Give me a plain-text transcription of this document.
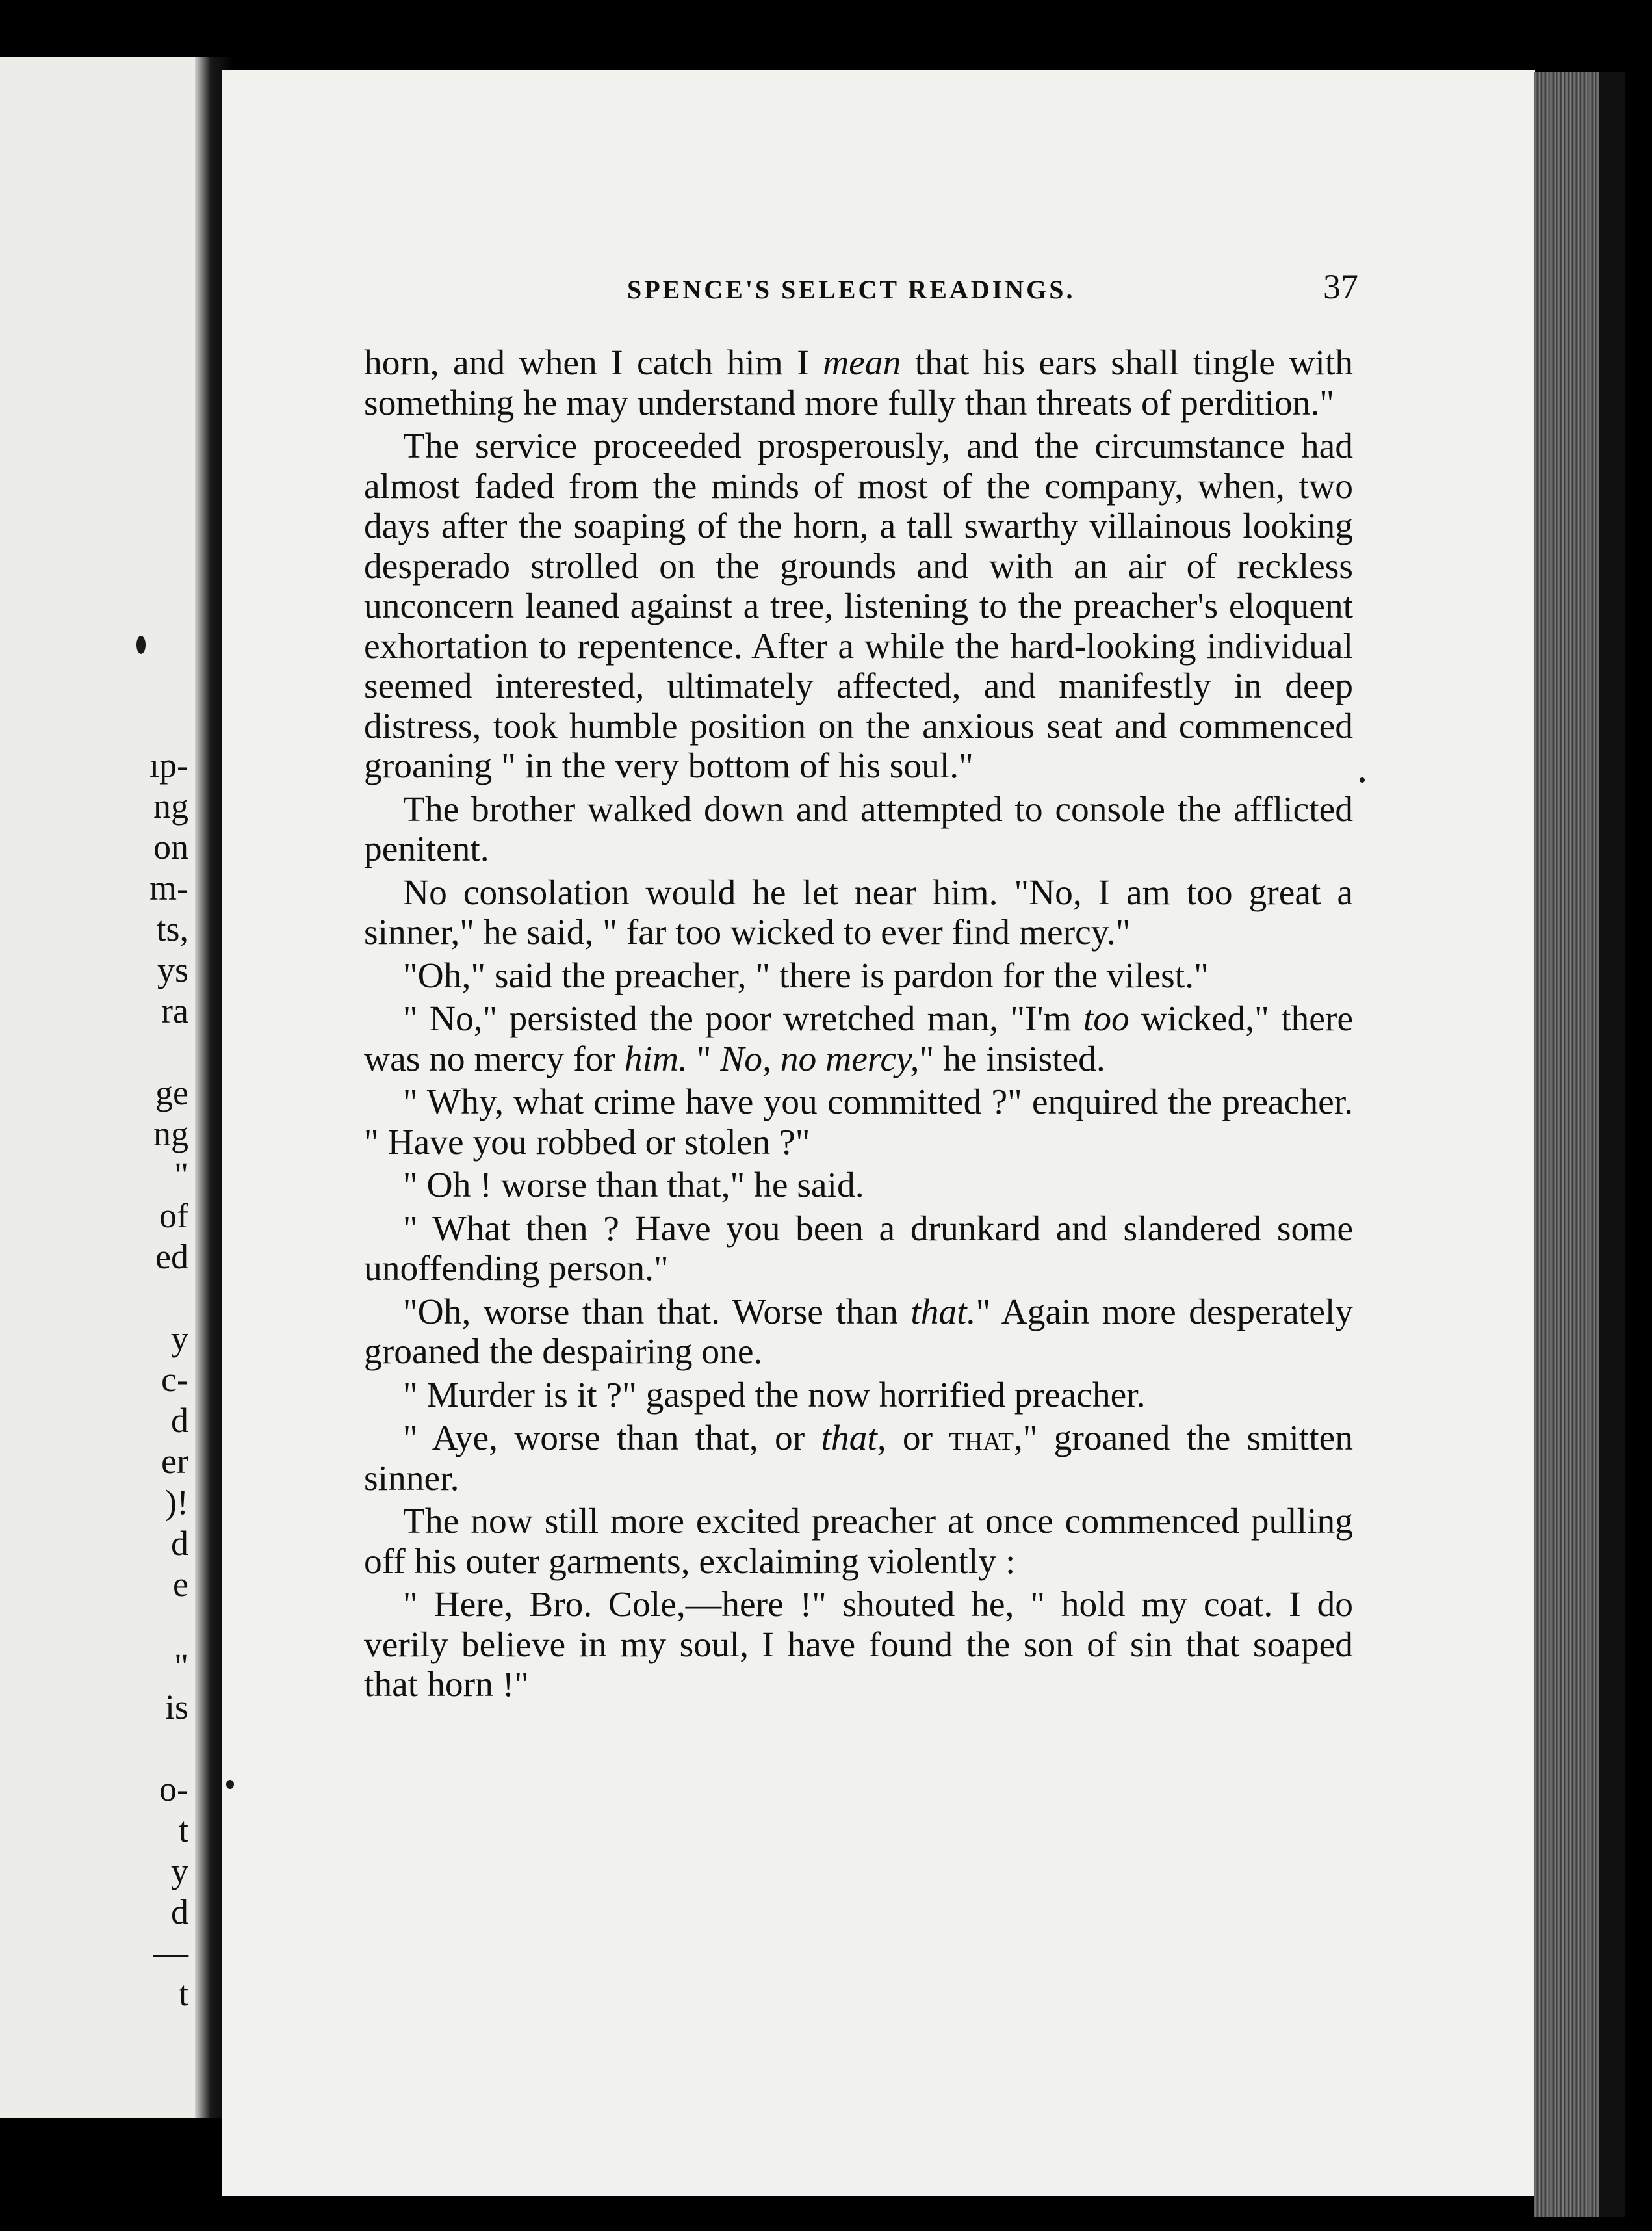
ıp-
ng
on
m-
ts,
ys
ra
ge
ng
"
of
ed
y
c-
d
er
)!
d
e
"
is
o-
t
y
d
—
t
SPENCE'S SELECT READINGS.	37

horn, and when I catch him I mean that his ears shall tingle with something he may understand more fully than threats of perdition."

The service proceeded prosperously, and the circumstance had almost faded from the minds of most of the company, when, two days after the soaping of the horn, a tall swarthy villainous looking desperado strolled on the grounds and with an air of reckless unconcern leaned against a tree, listening to the preacher's eloquent exhortation to repentence. After a while the hard-looking individual seemed interested, ultimately affected, and manifestly in deep distress, took humble position on the anxious seat and commenced groaning " in the very bottom of his soul."

The brother walked down and attempted to console the afflicted penitent.

No consolation would he let near him. "No, I am too great a sinner," he said, " far too wicked to ever find mercy."

"Oh," said the preacher, " there is pardon for the vilest."

" No," persisted the poor wretched man, "I'm too wicked," there was no mercy for him. " No, no mercy," he insisted.

" Why, what crime have you committed ?" enquired the preacher. " Have you robbed or stolen ?"

" Oh ! worse than that," he said.

" What then ? Have you been a drunkard and slandered some unoffending person."

"Oh, worse than that. Worse than that." Again more desperately groaned the despairing one.

" Murder is it ?" gasped the now horrified preacher.

" Aye, worse than that, or that, or that," groaned the smitten sinner.

The now still more excited preacher at once commenced pulling off his outer garments, exclaiming violently :

" Here, Bro. Cole,—here !" shouted he, " hold my coat. I do verily believe in my soul, I have found the son of sin that soaped that horn !"
